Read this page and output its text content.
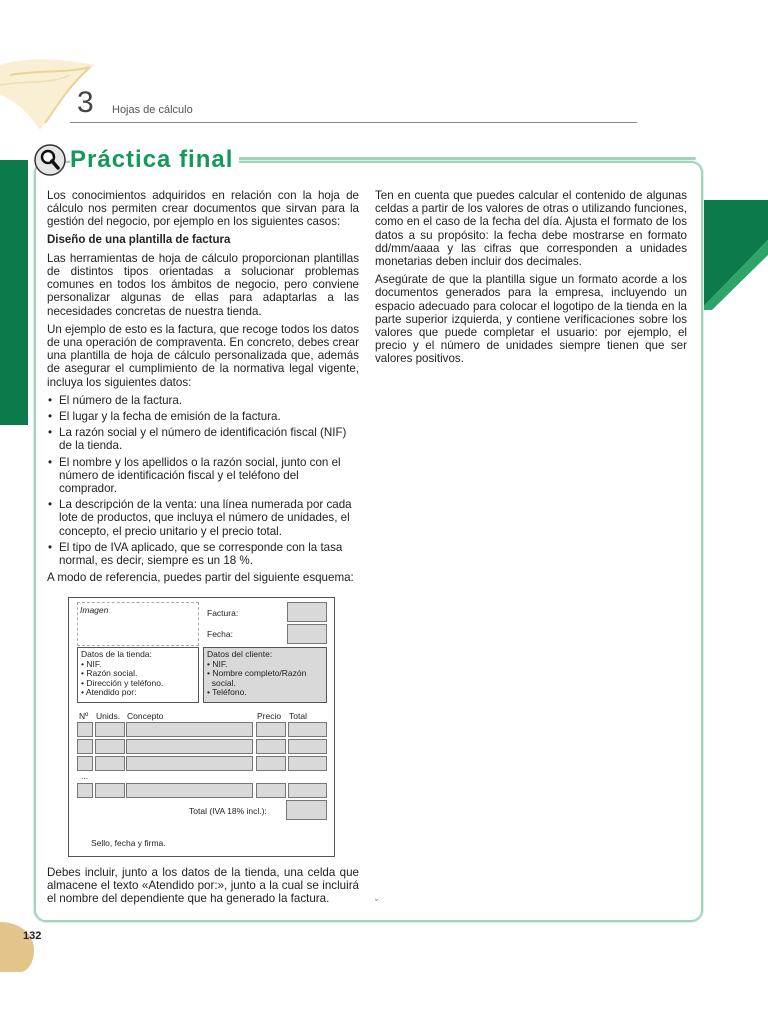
3 Hojas de cálculo
Práctica final

Los conocimientos adquiridos en relación con la hoja de cálculo nos permiten crear documentos que sirvan para la gestión del negocio, por ejemplo en los siguientes casos:

Diseño de una plantilla de factura

Las herramientas de hoja de cálculo proporcionan plantillas de distintos tipos orientadas a solucionar problemas comunes en todos los ámbitos de negocio, pero conviene personalizar algunas de ellas para adaptarlas a las necesidades concretas de nuestra tienda.

Un ejemplo de esto es la factura, que recoge todos los datos de una operación de compraventa. En concreto, debes crear una plantilla de hoja de cálculo personalizada que, además de asegurar el cumplimiento de la normativa legal vigente, incluya los siguientes datos:

• El número de la factura.
• El lugar y la fecha de emisión de la factura.
• La razón social y el número de identificación fiscal (NIF) de la tienda.
• El nombre y los apellidos o la razón social, junto con el número de identificación fiscal y el teléfono del comprador.
• La descripción de la venta: una línea numerada por cada lote de productos, que incluya el número de unidades, el concepto, el precio unitario y el precio total.
• El tipo de IVA aplicado, que se corresponde con la tasa normal, es decir, siempre es un 18 %.

A modo de referencia, puedes partir del siguiente esquema:

Imagen	Factura:
Fecha:
Datos de la tienda:
• NIF.
• Razón social.
• Dirección y teléfono.
• Atendido por:
Datos del cliente:
• NIF.
• Nombre completo/Razón
social.
• Teléfono.
Nº Unids. Concepto	Precio Total
...
Total (IVA 18% incl.):
Sello, fecha y firma.
Debes incluir, junto a los datos de la tienda, una celda que almacene el texto «Atendido por:», junto a la cual se incluirá el nombre del dependiente que ha generado la factura.

Ten en cuenta que puedes calcular el contenido de algunas celdas a partir de los valores de otras o utilizando funciones, como en el caso de la fecha del día. Ajusta el formato de los datos a su propósito: la fecha debe mostrarse en formato dd/mm/aaaa y las cifras que corresponden a unidades monetarias deben incluir dos decimales.

Asegúrate de que la plantilla sigue un formato acorde a los documentos generados para la empresa, incluyendo un espacio adecuado para colocar el logotipo de la tienda en la parte superior izquierda, y contiene verificaciones sobre los valores que puede completar el usuario: por ejemplo, el precio y el número de unidades siempre tienen que ser valores positivos.

ˇ
132
